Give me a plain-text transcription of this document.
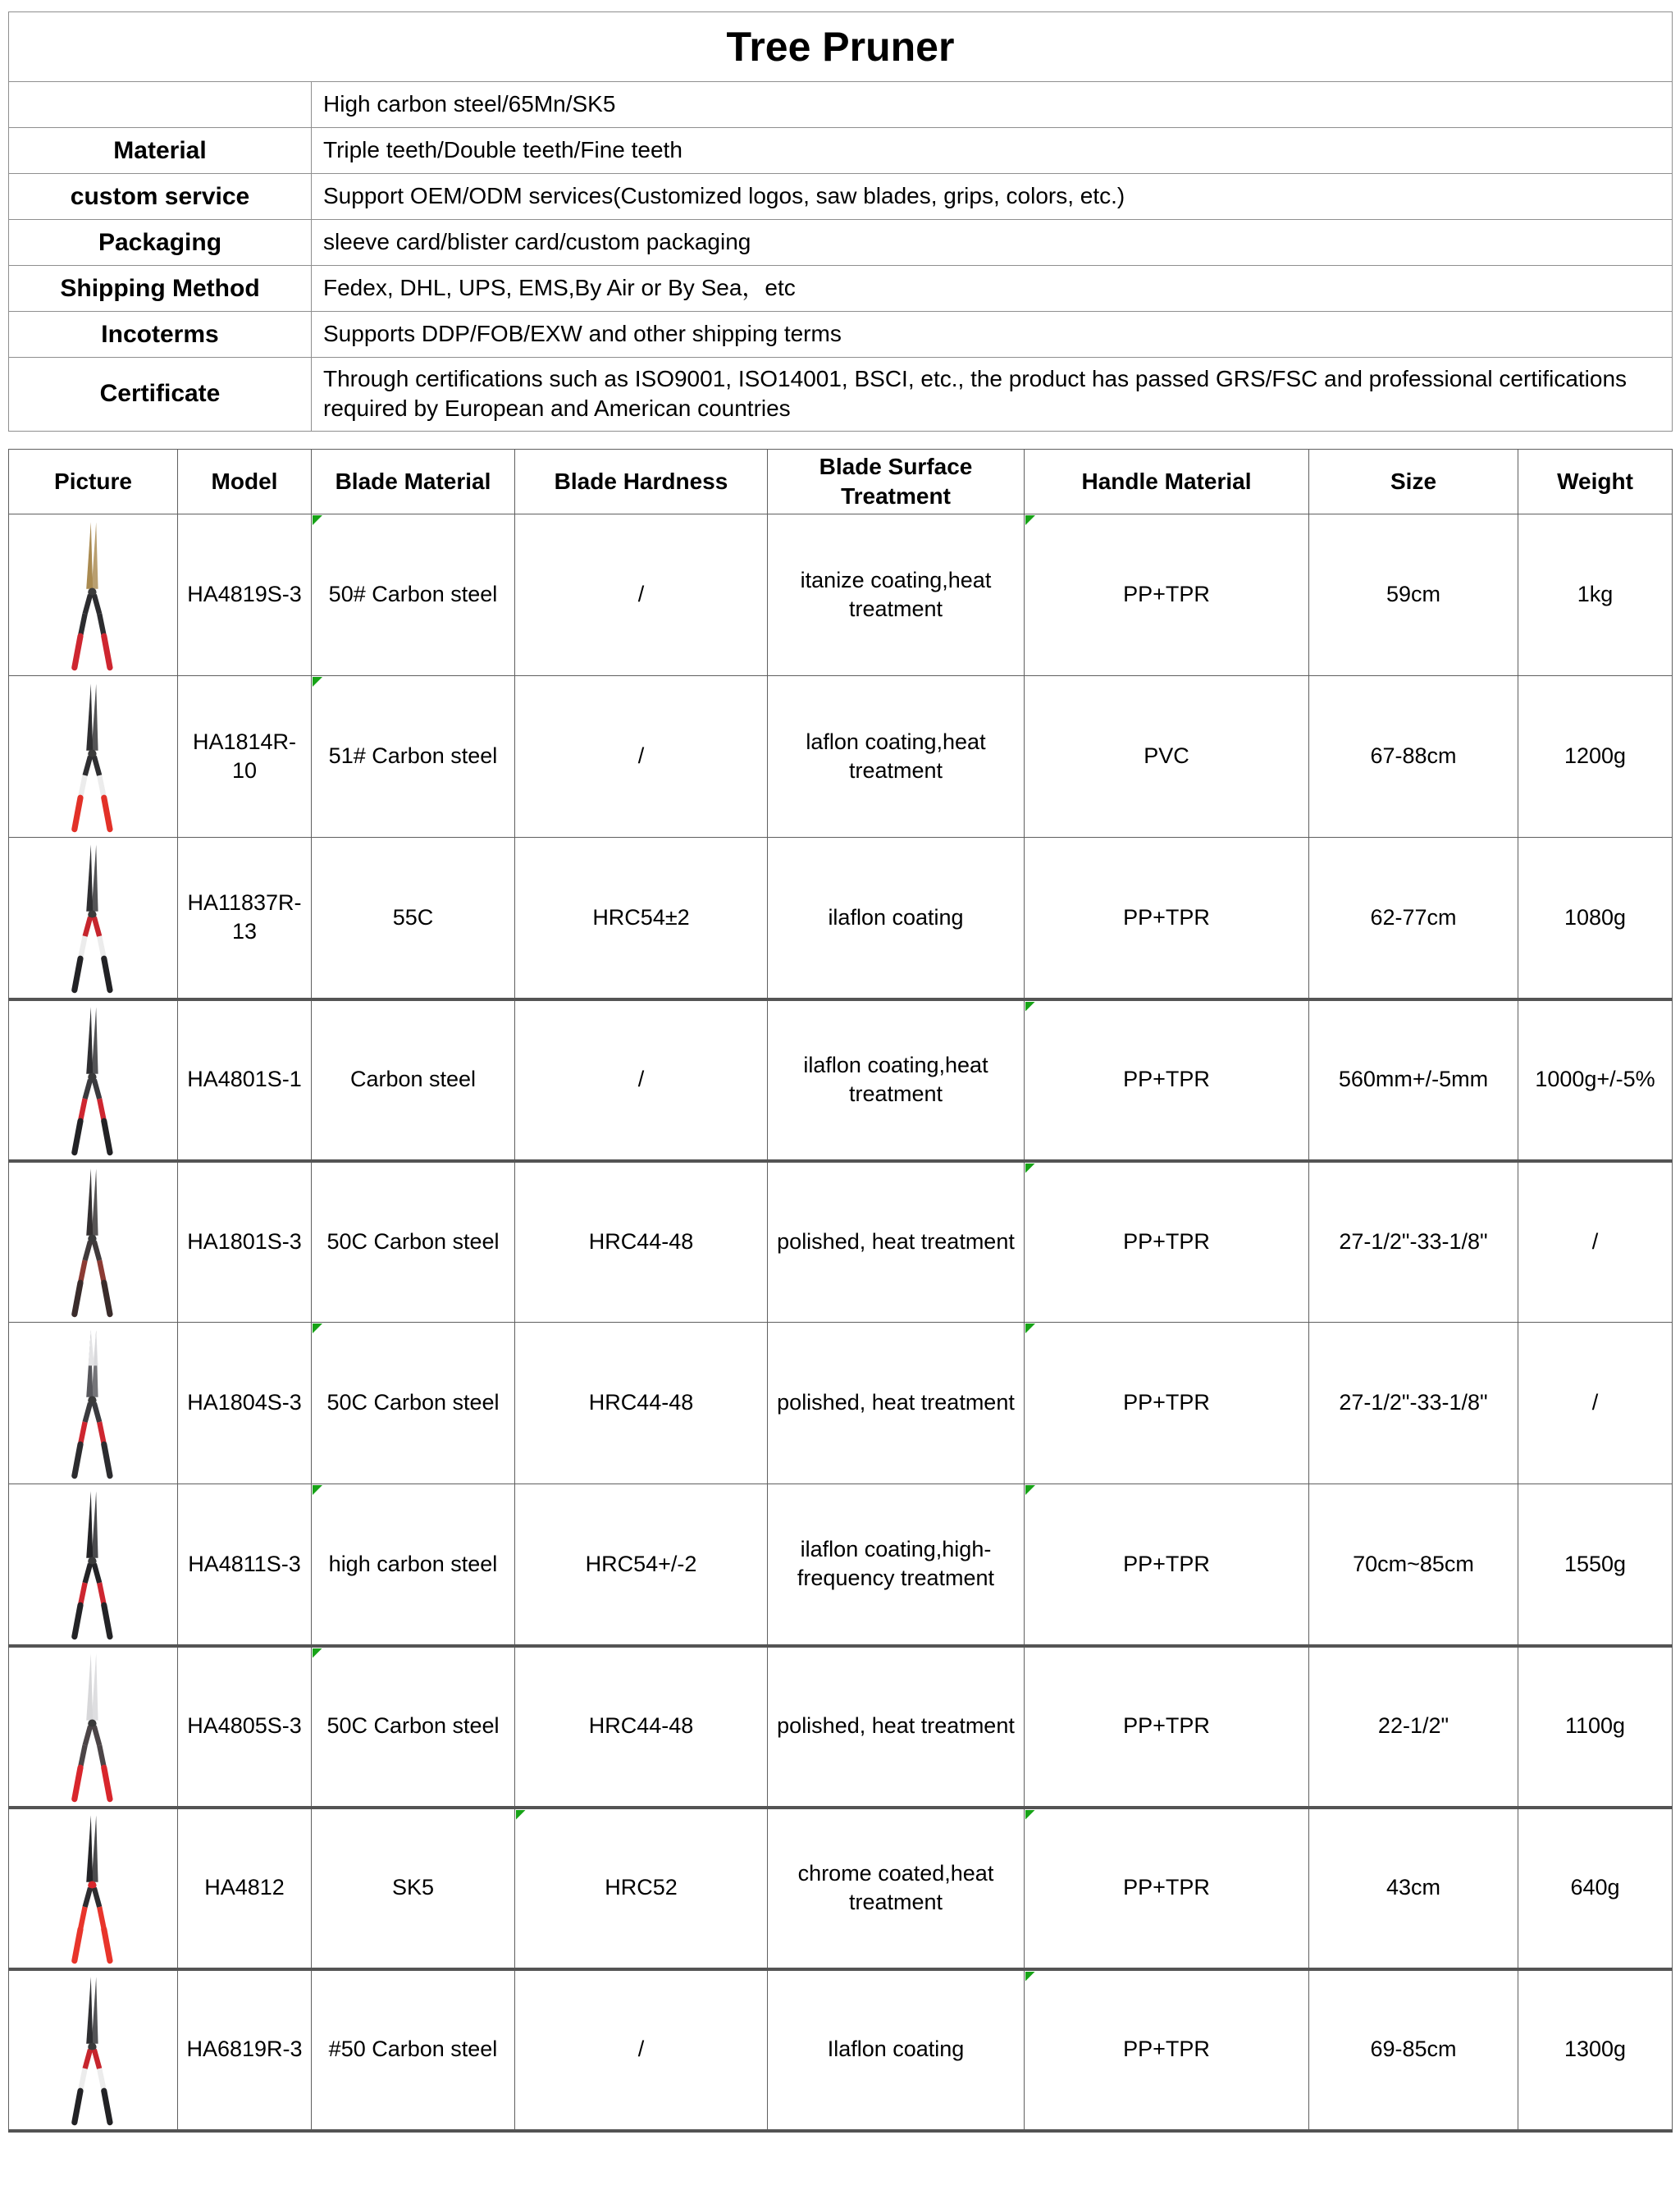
Tree Pruner	
	High carbon steel/65Mn/SK5
Material	Triple teeth/Double teeth/Fine teeth
custom service	Support OEM/ODM services(Customized logos, saw blades, grips, colors, etc.)
Packaging	sleeve card/blister card/custom packaging
Shipping Method	Fedex, DHL, UPS, EMS,By Air or By Sea，etc
Incoterms	Supports DDP/FOB/EXW and other shipping terms
Certificate	Through certifications such as ISO9001, ISO14001, BSCI, etc., the product has passed GRS/FSC and professional certifications required by European and American countries
Picture	Model	Blade Material	Blade Hardness	Blade Surface Treatment	Handle Material	Size	Weight

	HA4819S-3	50# Carbon steel	/	itanize coating,heat treatment	PP+TPR	59cm	1kg

	HA1814R-10	51# Carbon steel	/	laflon coating,heat treatment	PVC	67-88cm	1200g

	HA11837R-13	55C	HRC54±2	ilaflon coating	PP+TPR	62-77cm	1080g

	HA4801S-1	Carbon steel	/	ilaflon coating,heat treatment	PP+TPR	560mm+/-5mm	1000g+/-5%

	HA1801S-3	50C Carbon steel	HRC44-48	polished, heat treatment	PP+TPR	27-1/2"-33-1/8"	/

	HA1804S-3	50C Carbon steel	HRC44-48	polished, heat treatment	PP+TPR	27-1/2"-33-1/8"	/

	HA4811S-3	high carbon steel	HRC54+/-2	ilaflon coating,high-frequency treatment	PP+TPR	70cm~85cm	1550g

	HA4805S-3	50C Carbon steel	HRC44-48	polished, heat treatment	PP+TPR	22-1/2"	1100g

	HA4812	SK5	HRC52	chrome coated,heat treatment	PP+TPR	43cm	640g

	HA6819R-3	#50 Carbon steel	/	Ilaflon coating	PP+TPR	69-85cm	1300g
